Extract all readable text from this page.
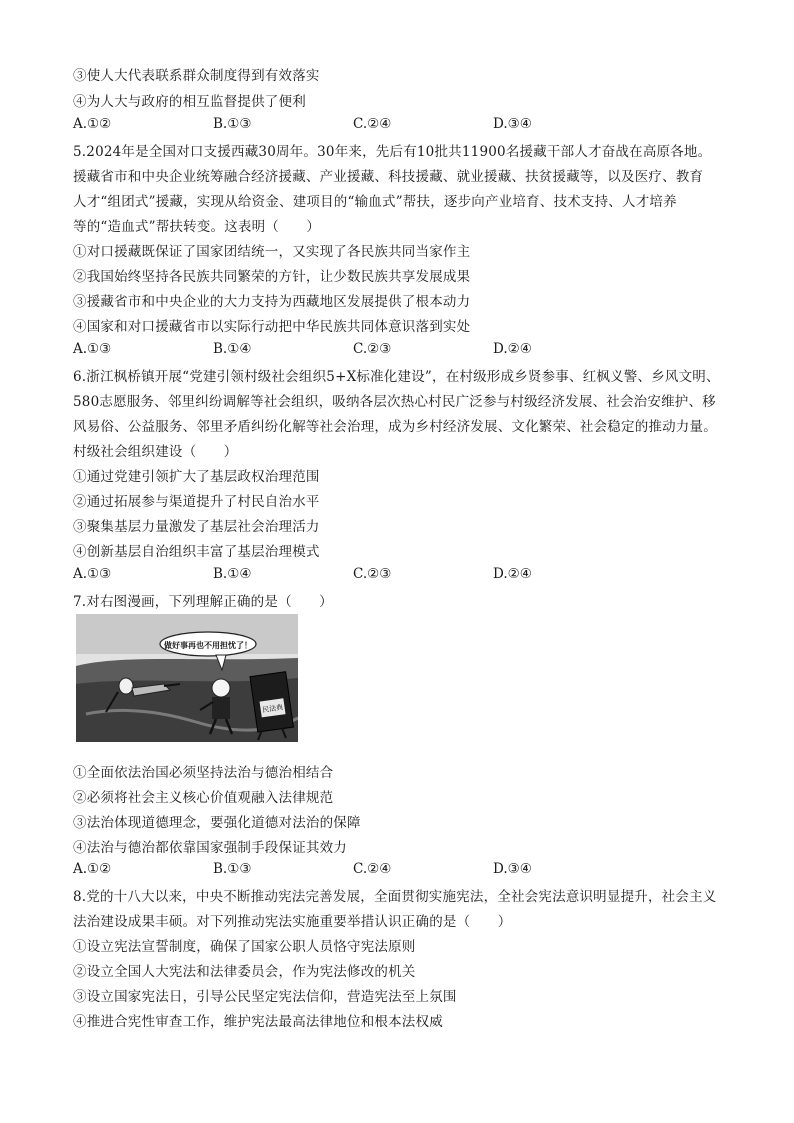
③使人大代表联系群众制度得到有效落实
④为人大与政府的相互监督提供了便利
A.①②	B.①③	C.②④	D.③④
5.2024年是全国对口支援西藏30周年。30年来，先后有10批共11900名援藏干部人才奋战在高原各地。
援藏省市和中央企业统筹融合经济援藏、产业援藏、科技援藏、就业援藏、扶贫援藏等，以及医疗、教育
人才“组团式”援藏，实现从给资金、建项目的“输血式”帮扶，逐步向产业培育、技术支持、人才培养
等的“造血式”帮扶转变。这表明（　　）
①对口援藏既保证了国家团结统一，又实现了各民族共同当家作主
②我国始终坚持各民族共同繁荣的方针，让少数民族共享发展成果
③援藏省市和中央企业的大力支持为西藏地区发展提供了根本动力
④国家和对口援藏省市以实际行动把中华民族共同体意识落到实处
A.①③	B.①④	C.②③	D.②④
6.浙江枫桥镇开展“党建引领村级社会组织5+X标准化建设”，在村级形成乡贤参事、红枫义警、乡风文明、
580志愿服务、邻里纠纷调解等社会组织，吸纳各层次热心村民广泛参与村级经济发展、社会治安维护、移
风易俗、公益服务、邻里矛盾纠纷化解等社会治理，成为乡村经济发展、文化繁荣、社会稳定的推动力量。
村级社会组织建设（　　）
①通过党建引领扩大了基层政权治理范围
②通过拓展参与渠道提升了村民自治水平
③聚集基层力量激发了基层社会治理活力
④创新基层自治组织丰富了基层治理模式
A.①③	B.①④	C.②③	D.②④
7.对右图漫画，下列理解正确的是（　　）
做好事再也不用担忧了！
民法典
①全面依法治国必须坚持法治与德治相结合
②必须将社会主义核心价值观融入法律规范
③法治体现道德理念，要强化道德对法治的保障
④法治与德治都依靠国家强制手段保证其效力
A.①②	B.①③	C.②④	D.③④
8.党的十八大以来，中央不断推动宪法完善发展，全面贯彻实施宪法，全社会宪法意识明显提升，社会主义
法治建设成果丰硕。对下列推动宪法实施重要举措认识正确的是（　　）
①设立宪法宣誓制度，确保了国家公职人员恪守宪法原则
②设立全国人大宪法和法律委员会，作为宪法修改的机关
③设立国家宪法日，引导公民坚定宪法信仰，营造宪法至上氛围
④推进合宪性审查工作，维护宪法最高法律地位和根本法权威
